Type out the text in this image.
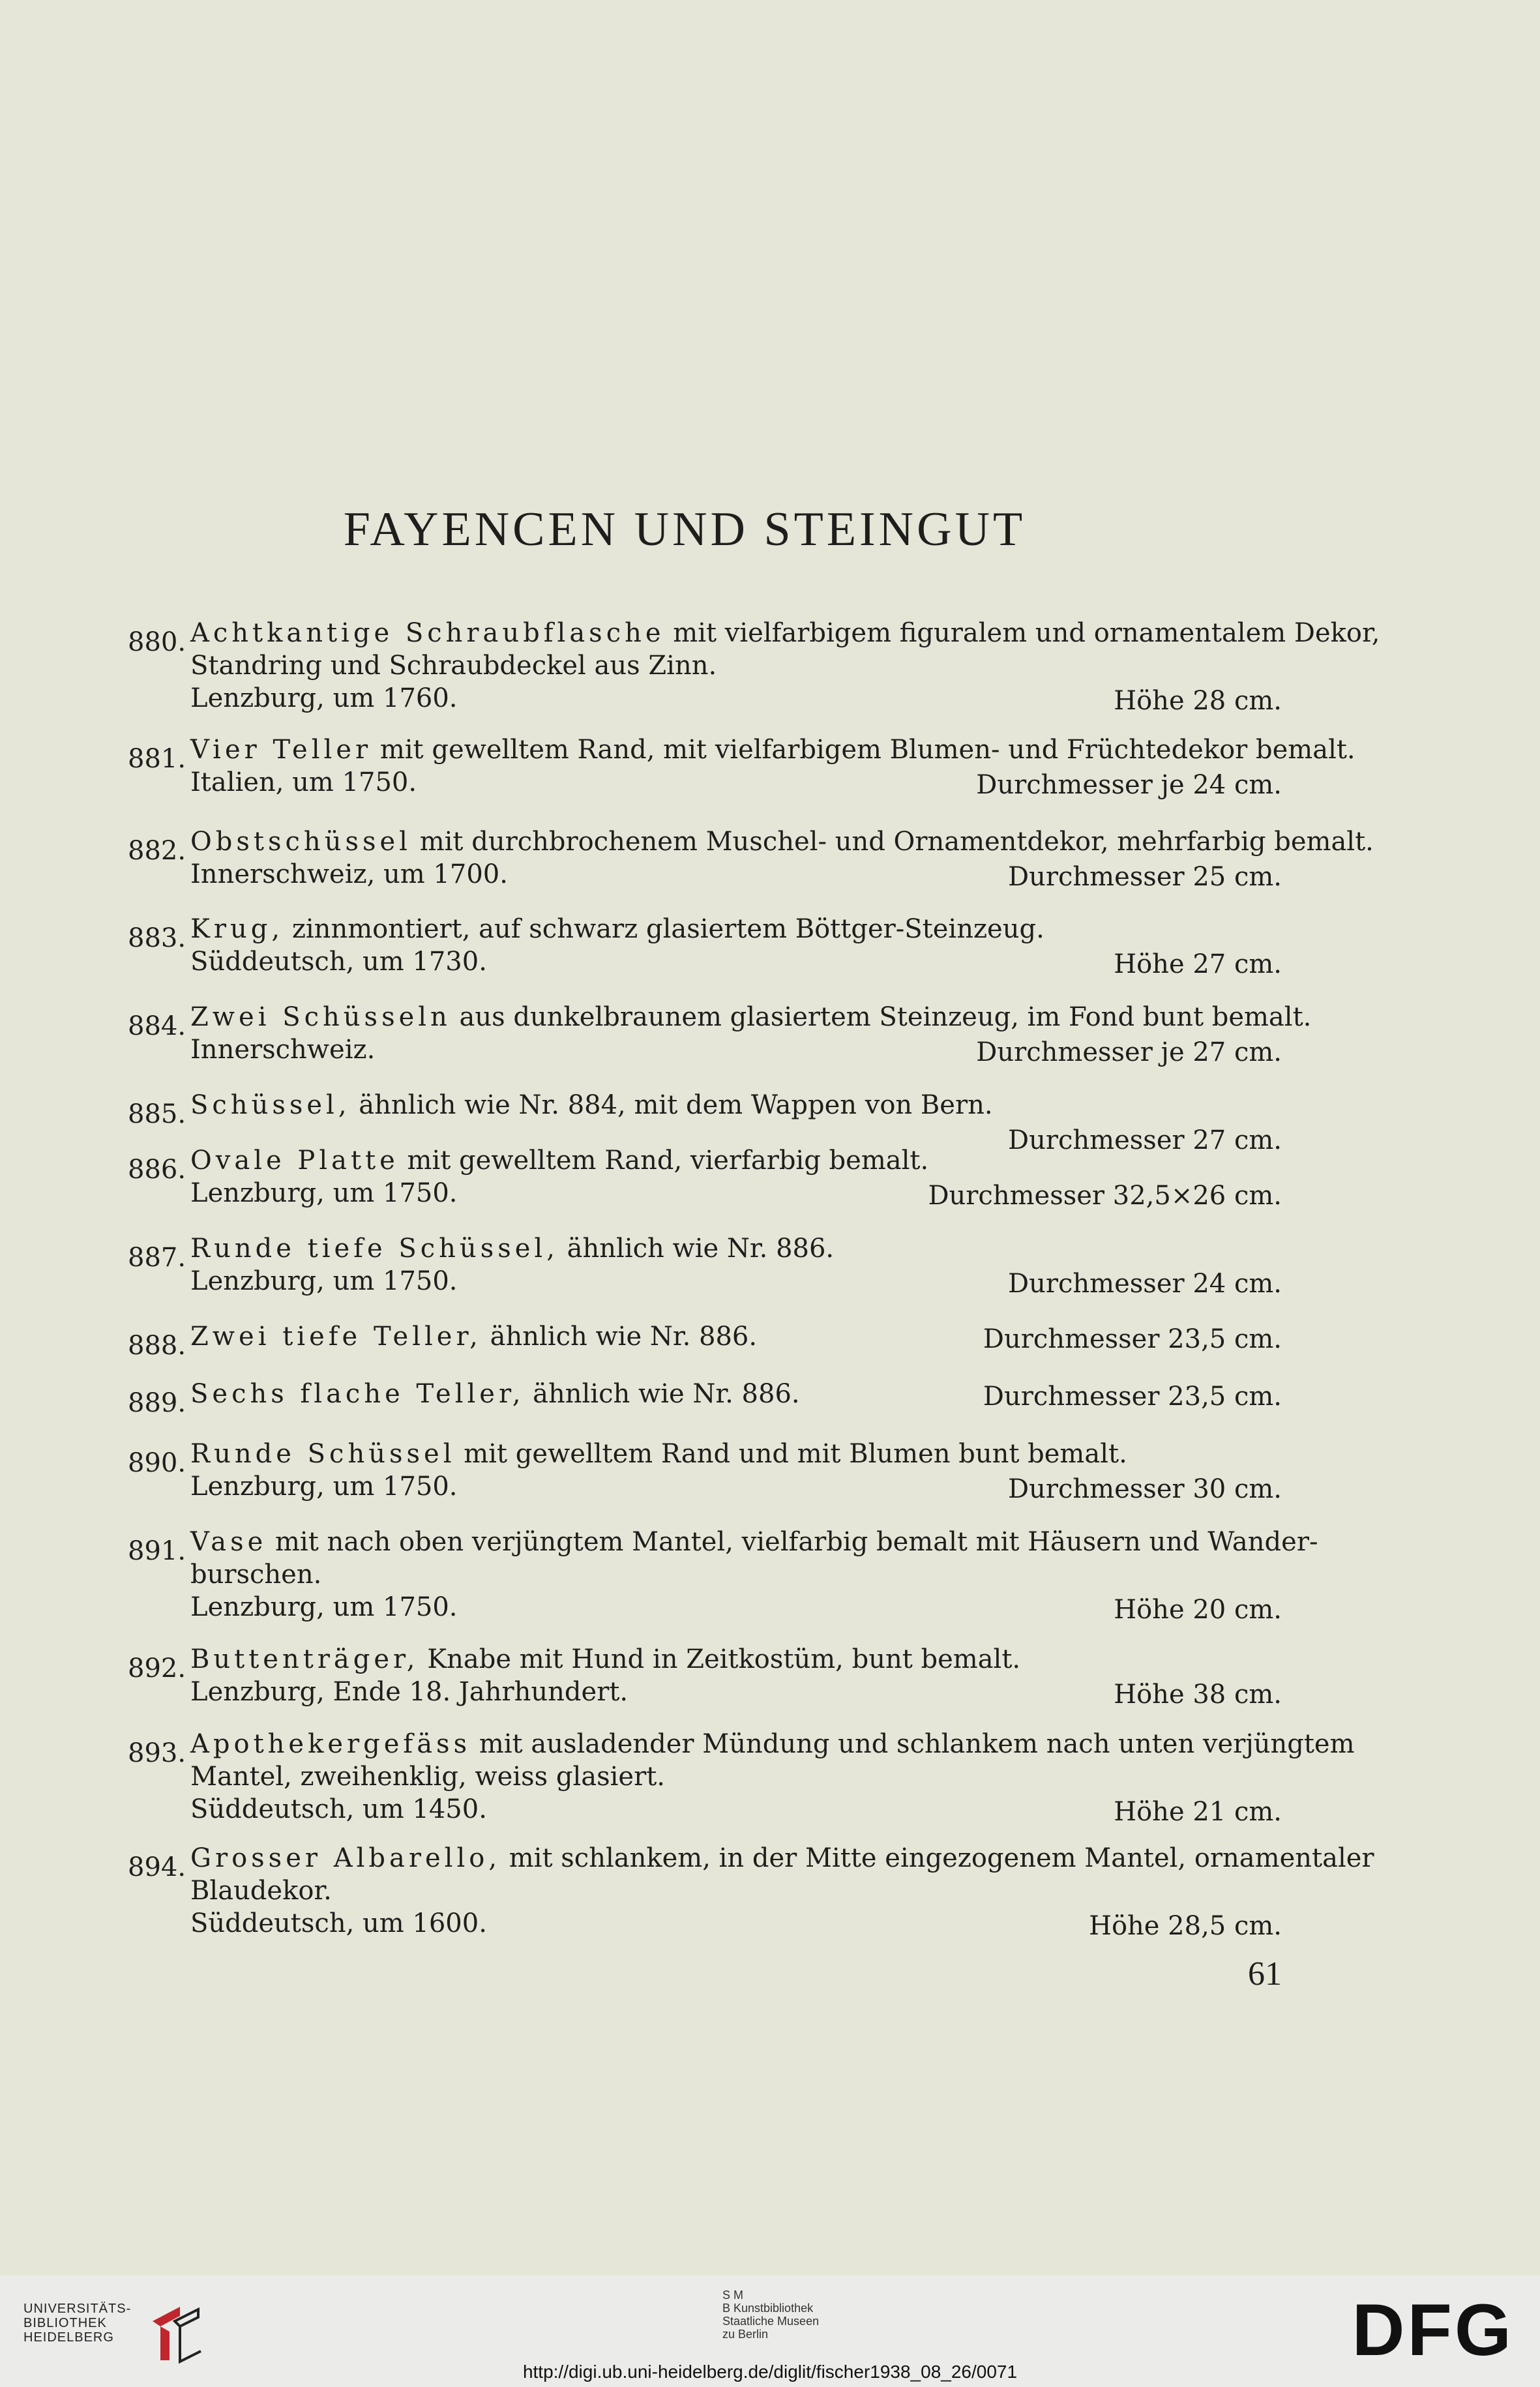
FAYENCEN UND STEINGUT
880. Achtkantige Schraubflasche mit vielfarbigem figuralem und ornamentalem Dekor,
Standring und Schraubdeckel aus Zinn.
Lenzburg, um 1760.	Höhe 28 cm.
881. Vier Teller mit gewelltem Rand, mit vielfarbigem Blumen- und Früchtedekor bemalt.
Italien, um 1750.	Durchmesser je 24 cm.
882. Obstschüssel mit durchbrochenem Muschel- und Ornamentdekor, mehrfarbig bemalt.
Innerschweiz, um 1700.	Durchmesser 25 cm.
883. Krug, zinnmontiert, auf schwarz glasiertem Böttger-Steinzeug.
Süddeutsch, um 1730.	Höhe 27 cm.
884. Zwei Schüsseln aus dunkelbraunem glasiertem Steinzeug, im Fond bunt bemalt.
Innerschweiz.	Durchmesser je 27 cm.
885. Schüssel, ähnlich wie Nr. 884, mit dem Wappen von Bern.
Durchmesser 27 cm.
886. Ovale Platte mit gewelltem Rand, vierfarbig bemalt.
Lenzburg, um 1750.	Durchmesser 32,5×26 cm.
887. Runde tiefe Schüssel, ähnlich wie Nr. 886.
Lenzburg, um 1750.	Durchmesser 24 cm.
888. Zwei tiefe Teller, ähnlich wie Nr. 886.	Durchmesser 23,5 cm.
889. Sechs flache Teller, ähnlich wie Nr. 886.	Durchmesser 23,5 cm.
890. Runde Schüssel mit gewelltem Rand und mit Blumen bunt bemalt.
Lenzburg, um 1750.	Durchmesser 30 cm.
891. Vase mit nach oben verjüngtem Mantel, vielfarbig bemalt mit Häusern und Wander-
burschen.
Lenzburg, um 1750.	Höhe 20 cm.
892. Buttenträger, Knabe mit Hund in Zeitkostüm, bunt bemalt.
Lenzburg, Ende 18. Jahrhundert.	Höhe 38 cm.
893. Apothekergefäss mit ausladender Mündung und schlankem nach unten verjüngtem
Mantel, zweihenklig, weiss glasiert.
Süddeutsch, um 1450.	Höhe 21 cm.
894. Grosser Albarello, mit schlankem, in der Mitte eingezogenem Mantel, ornamentaler
Blaudekor.
Süddeutsch, um 1600.	Höhe 28,5 cm.
61
UNIVERSITÄTS-
BIBLIOTHEK
HEIDELBERG
S M
B Kunstbibliothek
Staatliche Museen
zu Berlin	DFG
http://digi.ub.uni-heidelberg.de/diglit/fischer1938_08_26/0071
